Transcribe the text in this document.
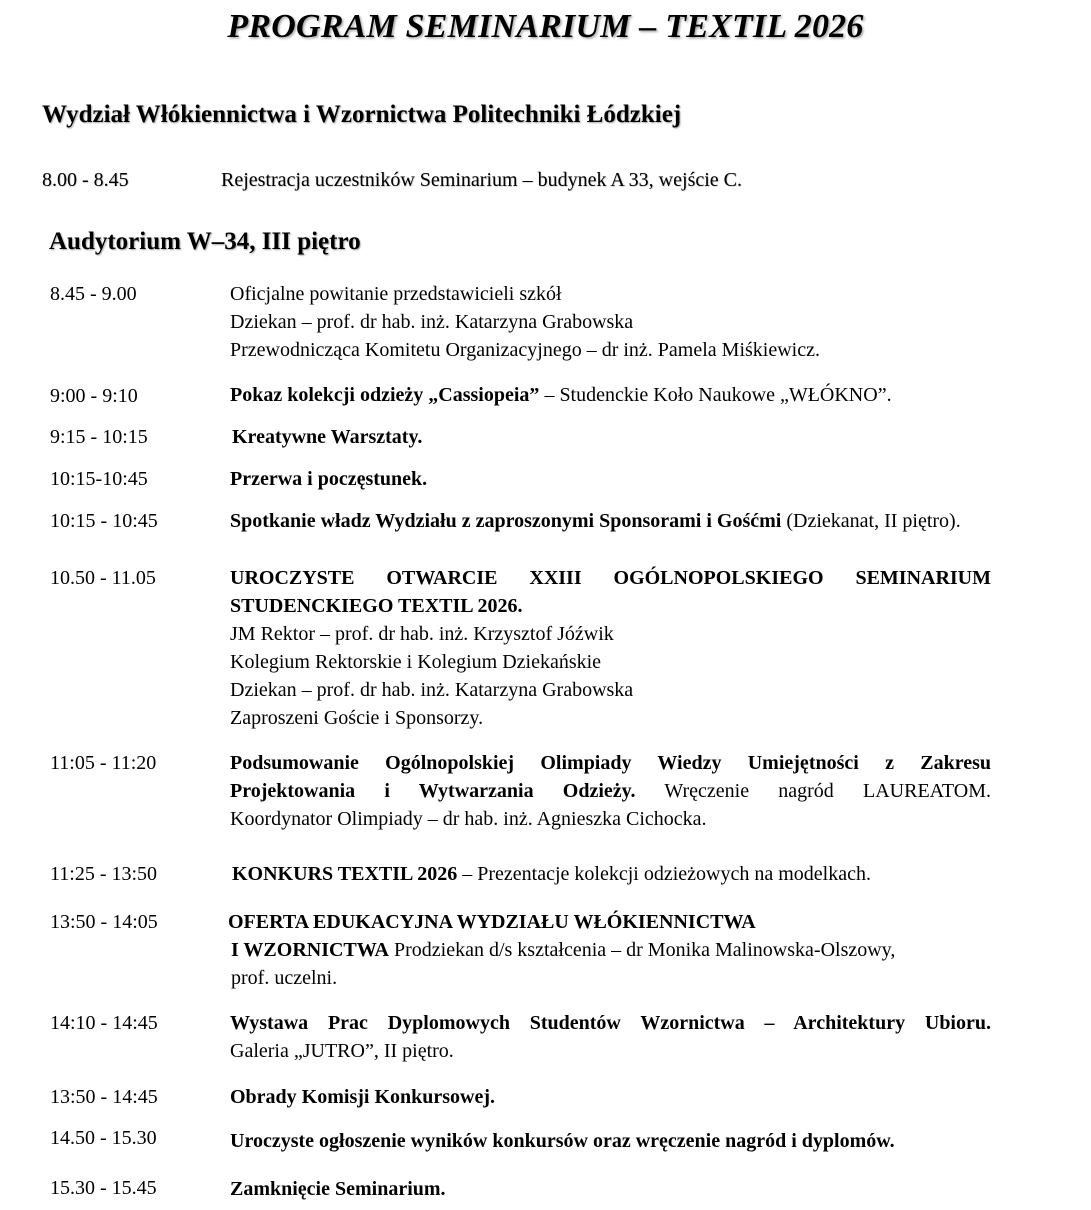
PROGRAM SEMINARIUM – TEXTIL 2026
Wydział Włókiennictwa i Wzornictwa Politechniki Łódzkiej
8.00 - 8.45	Rejestracja uczestników Seminarium – budynek A 33, wejście C.
Audytorium W–34, III piętro
8.45 - 9.00	Oficjalne powitanie przedstawicieli szkół
Dziekan – prof. dr hab. inż. Katarzyna Grabowska
Przewodnicząca Komitetu Organizacyjnego – dr inż. Pamela Miśkiewicz.
9:00 - 9:10	Pokaz kolekcji odzieży „Cassiopeia” – Studenckie Koło Naukowe „WŁÓKNO”.
9:15 - 10:15	Kreatywne Warsztaty.
10:15-10:45	Przerwa i poczęstunek.
10:15 - 10:45	Spotkanie władz Wydziału z zaproszonymi Sponsorami i Gośćmi (Dziekanat, II piętro).
10.50 - 11.05	UROCZYSTE OTWARCIE XXIII OGÓLNOPOLSKIEGO SEMINARIUM
STUDENCKIEGO TEXTIL 2026.
JM Rektor – prof. dr hab. inż. Krzysztof Jóźwik
Kolegium Rektorskie i Kolegium Dziekańskie
Dziekan – prof. dr hab. inż. Katarzyna Grabowska
Zaproszeni Goście i Sponsorzy.
11:05 - 11:20	Podsumowanie Ogólnopolskiej Olimpiady Wiedzy Umiejętności z Zakresu
Projektowania i Wytwarzania Odzieży. Wręczenie nagród LAUREATOM.
Koordynator Olimpiady – dr hab. inż. Agnieszka Cichocka.
11:25 - 13:50	KONKURS TEXTIL 2026 – Prezentacje kolekcji odzieżowych na modelkach.
13:50 - 14:05	OFERTA EDUKACYJNA WYDZIAŁU WŁÓKIENNICTWA
I WZORNICTWA Prodziekan d/s kształcenia – dr Monika Malinowska-Olszowy,
prof. uczelni.
14:10 - 14:45	Wystawa Prac Dyplomowych Studentów Wzornictwa – Architektury Ubioru.
Galeria „JUTRO”, II piętro.
13:50 - 14:45	Obrady Komisji Konkursowej.
14.50 - 15.30	Uroczyste ogłoszenie wyników konkursów oraz wręczenie nagród i dyplomów.
15.30 - 15.45	Zamknięcie Seminarium.
